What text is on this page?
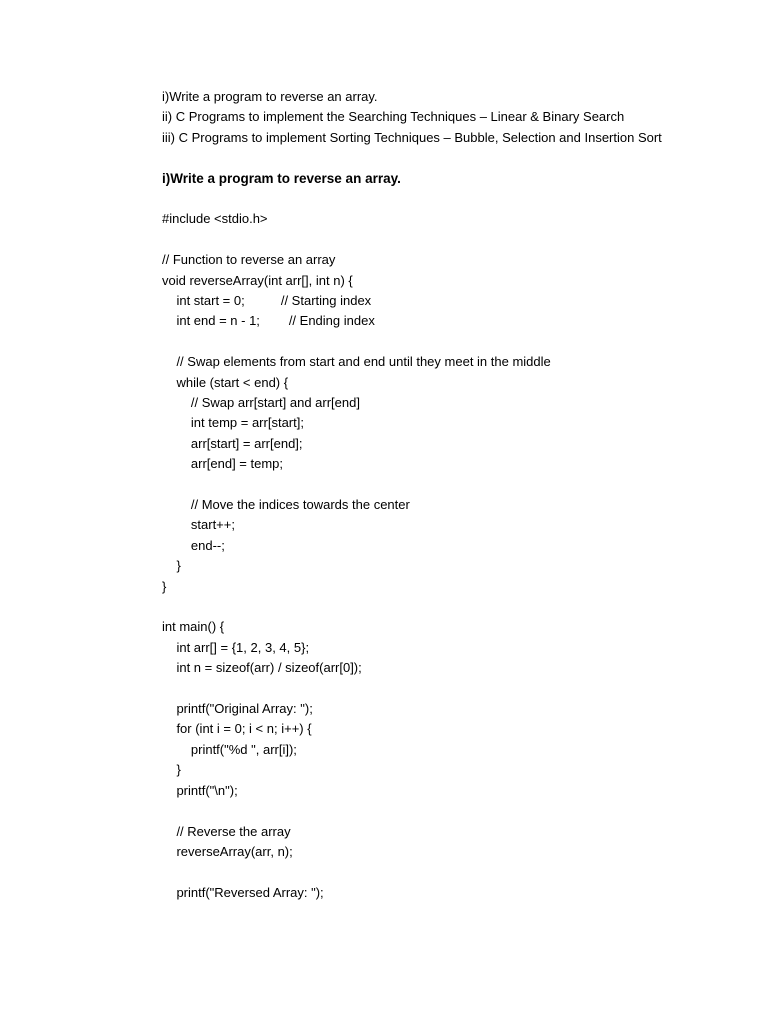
i)Write a program to reverse an array.
ii) C Programs to implement the Searching Techniques – Linear & Binary Search
iii) C Programs to implement Sorting Techniques – Bubble, Selection and Insertion Sort
i)Write a program to reverse an array.
#include <stdio.h>
// Function to reverse an array
void reverseArray(int arr[], int n) {
int start = 0;          // Starting index
int end = n - 1;        // Ending index
// Swap elements from start and end until they meet in the middle
while (start < end) {
// Swap arr[start] and arr[end]
int temp = arr[start];
arr[start] = arr[end];
arr[end] = temp;
// Move the indices towards the center
start++;
end--;
}
}
int main() {
int arr[] = {1, 2, 3, 4, 5};
int n = sizeof(arr) / sizeof(arr[0]);
printf("Original Array: ");
for (int i = 0; i < n; i++) {
printf("%d ", arr[i]);
}
printf("\n");
// Reverse the array
reverseArray(arr, n);
printf("Reversed Array: ");
